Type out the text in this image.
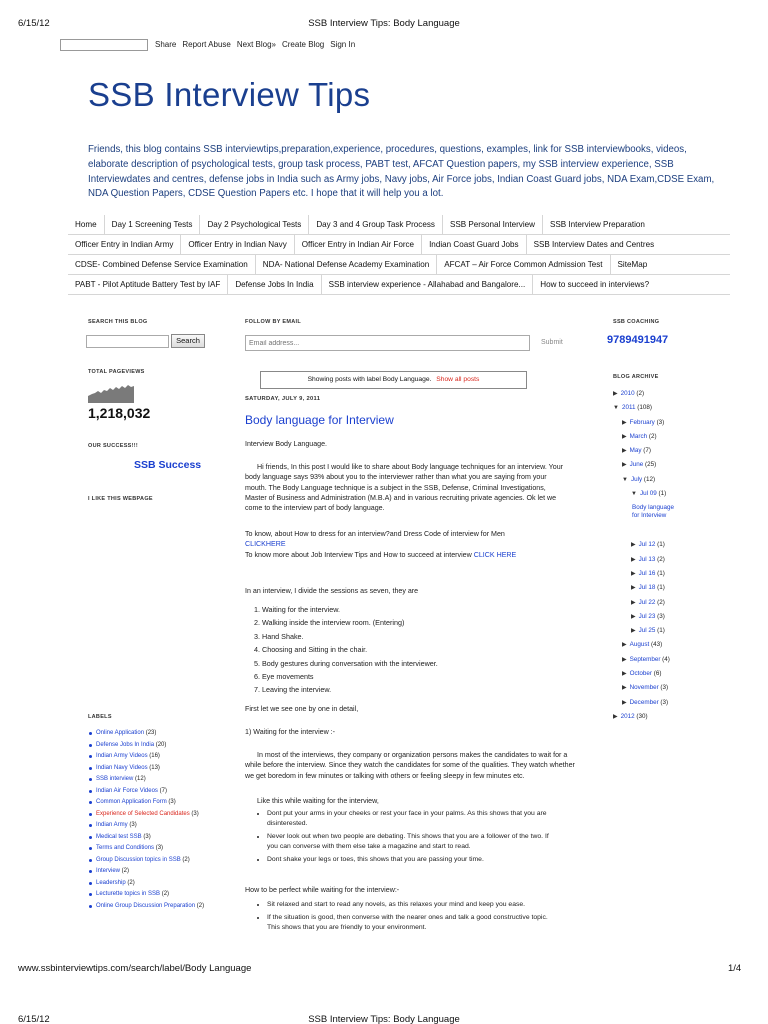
6/15/12	SSB Interview Tips: Body Language
Share Report Abuse Next Blog» Create Blog Sign In
SSB Interview Tips
Friends, this blog contains SSB interviewtips,preparation,experience, procedures, questions, examples, link for SSB interviewbooks, videos, elaborate description of psychological tests, group task process, PABT test, AFCAT Question papers, my SSB interview experience, SSB Interviewdates and centres, defense jobs in India such as Army jobs, Navy jobs, Air Force jobs, Indian Coast Guard jobs, NDA Exam,CDSE Exam, NDA Question Papers, CDSE Question Papers etc. I hope that it will help you a lot.
Home	Day 1 Screening Tests	Day 2 Psychological Tests	Day 3 and 4 Group Task Process	SSB Personal Interview	SSB Interview Preparation
Officer Entry in Indian Army	Officer Entry in Indian Navy	Officer Entry in Indian Air Force	Indian Coast Guard Jobs	SSB Interview Dates and Centres
CDSE- Combined Defense Service Examination	NDA- National Defense Academy Examination	AFCAT – Air Force Common Admission Test	SiteMap
PABT - Pilot Aptitude Battery Test by IAF	Defense Jobs In India	SSB interview experience - Allahabad and Bangalore...	How to succeed in interviews?
SEARCH THIS BLOG
Search
TOTAL PAGEVIEWS
1,218,032
OUR SUCCESS!!!
SSB Success
I LIKE THIS WEBPAGE
LABELS
Online Application (23)
Defense Jobs In India (20)
Indian Army Videos (16)
Indian Navy Videos (13)
SSB interview (12)
Indian Air Force Videos (7)
Common Application Form (3)
Experience of Selected Candidates (3)
Indian Army (3)
Medical test SSB (3)
Terms and Conditions (3)
Group Discussion topics in SSB (2)
Interview (2)
Leadership (2)
Lecturette topics in SSB (2)
Online Group Discussion Preparation (2)
FOLLOW BY EMAIL
Email address...
Submit
Showing posts with label Body Language. Show all posts
SATURDAY, JULY 9, 2011
Body language for Interview
Interview Body Language.
Hi friends, In this post I would like to share about Body language techniques for an interview. Your body language says 93% about you to the interviewer rather than what you are saying from your mouth. The Body Language technique is a subject in the SSB, Defense, Criminal Investigations, Master of Business and Administration (M.B.A) and in various recruiting private agencies. Ok let we come to the interview part of body language.
To know, about How to dress for an interview?and Dress Code of interview for Men
CLICKHERE
To know more about Job Interview Tips and How to succeed at interview CLICK HERE
In an interview, I divide the sessions as seven, they are
1. Waiting for the interview.
2. Walking inside the interview room. (Entering)
3. Hand Shake.
4. Choosing and Sitting in the chair.
5. Body gestures during conversation with the interviewer.
6. Eye movements
7. Leaving the interview.
First let we see one by one in detail,
1) Waiting for the interview :-
In most of the interviews, they company or organization persons makes the candidates to wait for a while before the interview. Since they watch the candidates for some of the qualities. They watch whether we get boredom in few minutes or talking with others or feeling sleepy in few minutes etc.
Like this while waiting for the interview,
• Dont put your arms in your cheeks or rest your face in your palms. As this shows that you are disinterested.
• Never look out when two people are debating. This shows that you are a follower of the two. If you can converse with them else take a magazine and start to read.
• Dont shake your legs or toes, this shows that you are passing your time.
How to be perfect while waiting for the interview:-
• Sit relaxed and start to read any novels, as this relaxes your mind and keep you ease.
• If the situation is good, then converse with the nearer ones and talk a good constructive topic. This shows that you are friendly to your environment.
SSB COACHING
9789491947
BLOG ARCHIVE
▶ 2010 (2)
▼ 2011 (108)
▶ February (3)
▶ March (2)
▶ May (7)
▶ June (25)
▼ July (12)
▼ Jul 09 (1)
Body language for Interview
▶ Jul 12 (1)
▶ Jul 13 (2)
▶ Jul 16 (1)
▶ Jul 18 (1)
▶ Jul 22 (2)
▶ Jul 23 (3)
▶ Jul 25 (1)
▶ August (43)
▶ September (4)
▶ October (6)
▶ November (3)
▶ December (3)
▶ 2012 (30)
www.ssbinterviewtips.com/search/label/Body Language	1/4
6/15/12	SSB Interview Tips: Body Language
